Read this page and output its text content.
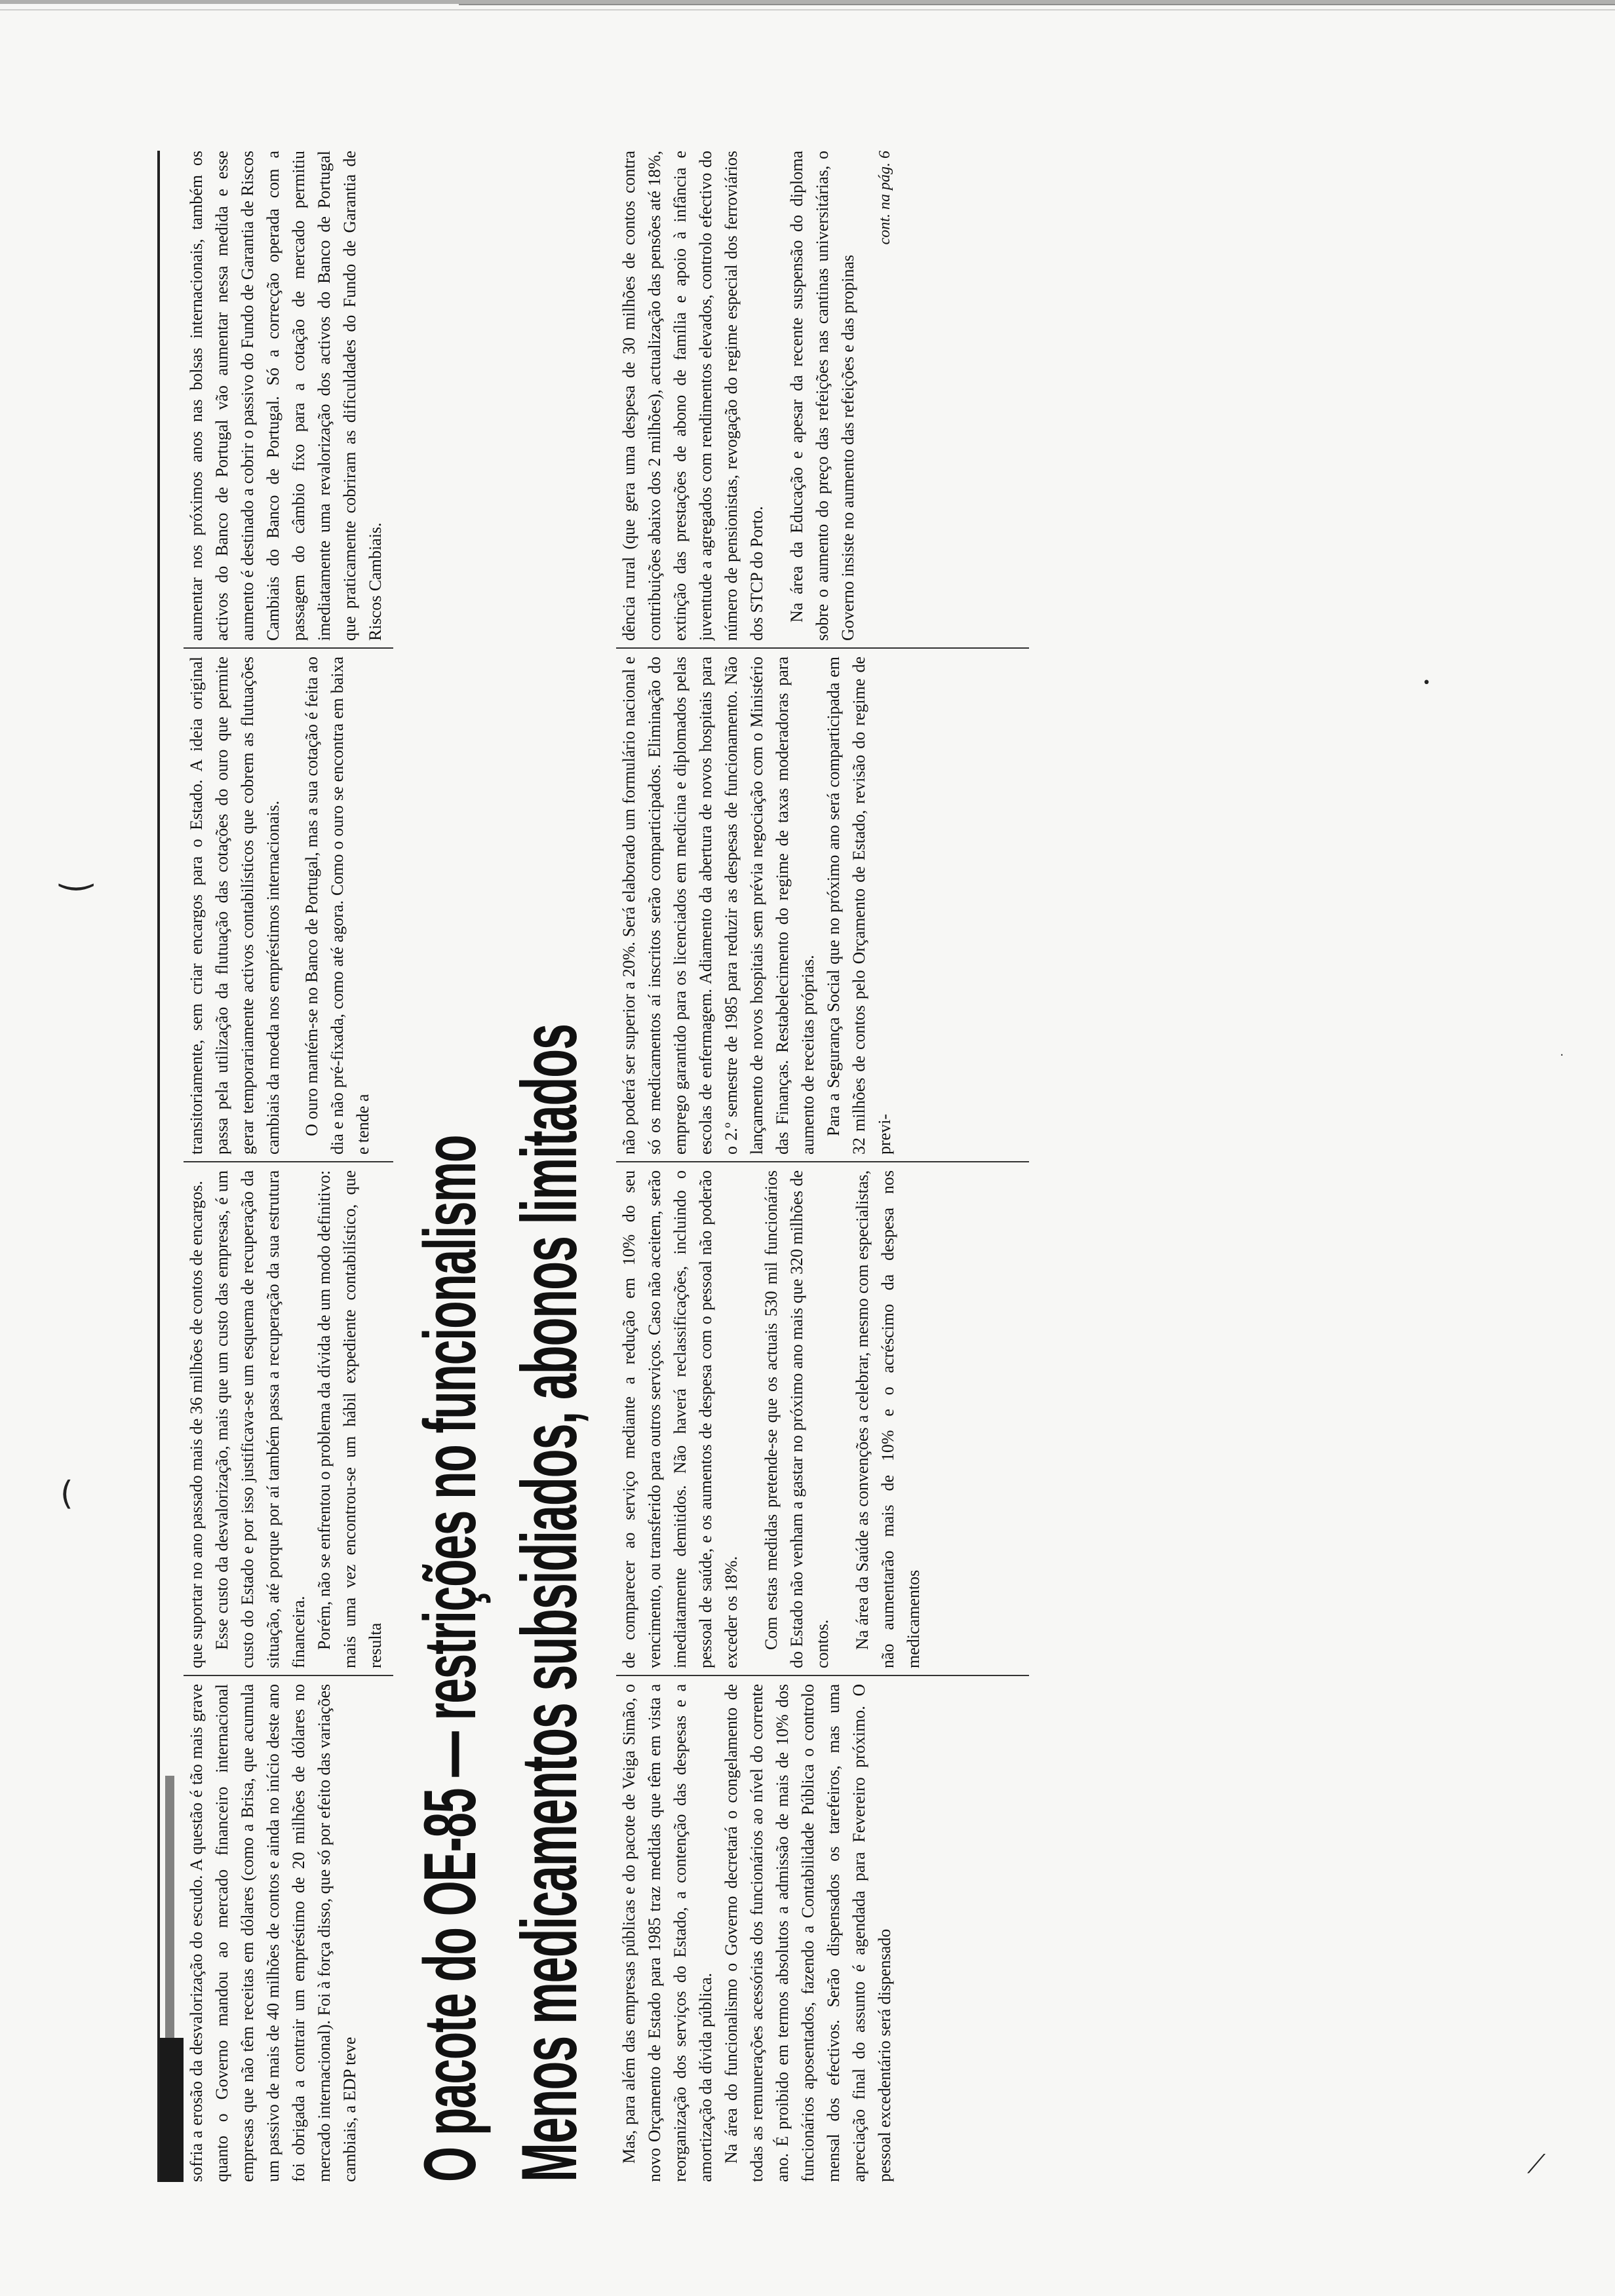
sofria a erosão da desvalorização do escudo. A questão é tão mais grave quanto o Governo mandou ao mercado financeiro internacional empresas que não têm receitas em dólares (como a Brisa, que acumula um passivo de mais de 40 milhões de contos e ainda no início deste ano foi obrigada a contrair um empréstimo de 20 milhões de dólares no mercado internacional). Foi à força disso, que só por efeito das variações cambiais, a EDP teve

que suportar no ano passado mais de 36 milhões de contos de encargos. Esse custo da desvalorização, mais que um custo das empresas, é um custo do Estado e por isso justificava-se um esquema de recuperação da situação, até porque por aí também passa a recuperação da sua estrutura financeira. Porém, não se enfrentou o problema da dívida de um modo definitivo: mais uma vez encontrou-se um hábil expediente contabilístico, que resulta

transitoriamente, sem criar encargos para o Estado. A ideia original passa pela utilização da flutuação das cotações do ouro que permite gerar temporariamente activos contabilísticos que cobrem as flutuações cambiais da moeda nos empréstimos internacionais. O ouro mantém-se no Banco de Portugal, mas a sua cotação é feita ao dia e não pré-fixada, como até agora. Como o ouro se encontra em baixa e tende a

aumentar nos próximos anos nas bolsas internacionais, também os activos do Banco de Portugal vão aumentar nessa medida e esse aumento é destinado a cobrir o passivo do Fundo de Garantia de Riscos Cambiais do Banco de Portugal. Só a correcção operada com a passagem do câmbio fixo para a cotação de mercado permitiu imediatamente uma revalorização dos activos do Banco de Portugal que praticamente cobriram as dificuldades do Fundo de Garantia de Riscos Cambiais.

O pacote do OE-85 — restrições no funcionalismo Menos medicamentos subsidiados, abonos limitados	Mas, para além das empresas públicas e do pacote de Veiga Simão, o novo Orçamento de Estado para 1985 traz medidas que têm em vista a reorganização dos serviços do Estado, a contenção das despesas e a amortização da dívida pública. Na área do funcionalismo o Governo decretará o congelamento de todas as remunerações acessórias dos funcionários ao nível do corrente ano. É proibido em termos absolutos a admissão de mais de 10% dos funcionários aposentados, fazendo a Contabilidade Pública o controlo mensal dos efectivos. Serão dispensados os tarefeiros, mas uma apreciação final do assunto é agendada para Fevereiro próximo. O pessoal excedentário será dispensado

de comparecer ao serviço mediante a redução em 10% do seu vencimento, ou transferido para outros serviços. Caso não aceitem, serão imediatamente demitidos. Não haverá reclassificações, incluindo o pessoal de saúde, e os aumentos de despesa com o pessoal não poderão exceder os 18%. Com estas medidas pretende-se que os actuais 530 mil funcionários do Estado não venham a gastar no próximo ano mais que 320 milhões de contos. Na área da Saúde as convenções a celebrar, mesmo com especialistas, não aumentarão mais de 10% e o acréscimo da despesa nos medicamentos

não poderá ser superior a 20%. Será elaborado um formulário nacional e só os medicamentos aí inscritos serão comparticipados. Eliminação do emprego garantido para os licenciados em medicina e diplomados pelas escolas de enfermagem. Adiamento da abertura de novos hospitais para o 2.º semestre de 1985 para reduzir as despesas de funcionamento. Não lançamento de novos hospitais sem prévia negociação com o Ministério das Finanças. Restabelecimento do regime de taxas moderadoras para aumento de receitas próprias. Para a Segurança Social que no próximo ano será comparticipada em 32 milhões de contos pelo Orçamento de Estado, revisão do regime de previ-

dência rural (que gera uma despesa de 30 milhões de contos contra contribuições abaixo dos 2 milhões), actualização das pensões até 18%, extinção das prestações de abono de família e apoio à infância e juventude a agregados com rendimentos elevados, controlo efectivo do número de pensionistas, revogação do regime especial dos ferroviários dos STCP do Porto. Na área da Educação e apesar da recente suspensão do diploma sobre o aumento do preço das refeições nas cantinas universitárias, o Governo insiste no aumento das refeições e das propinas

cont. na pág. 6

‿
(
•
·
⟋
